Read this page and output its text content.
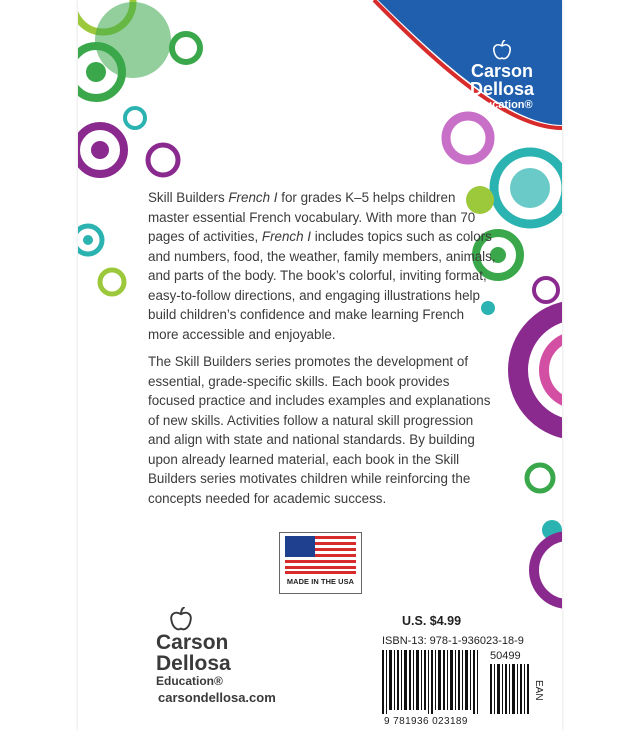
Carson
Dellosa
Education®
Skill Builders French I for grades K–5 helps children master essential French vocabulary. With more than 70 pages of activities, French I includes topics such as colors and numbers, food, the weather, family members, animals, and parts of the body. The book’s colorful, inviting format, easy-to-follow directions, and engaging illustrations help build children’s confidence and make learning French more accessible and enjoyable.
The Skill Builders series promotes the development of essential, grade-specific skills. Each book provides focused practice and includes examples and explanations of new skills. Activities follow a natural skill progression and align with state and national standards. By building upon already learned material, each book in the Skill Builders series motivates children while reinforcing the concepts needed for academic success.
MADE IN THE USA
Carson
Dellosa
Education®
carsondellosa.com
U.S. $4.99
ISBN-13: 978-1-936023-18-9
50499
9 781936 023189
EAN
